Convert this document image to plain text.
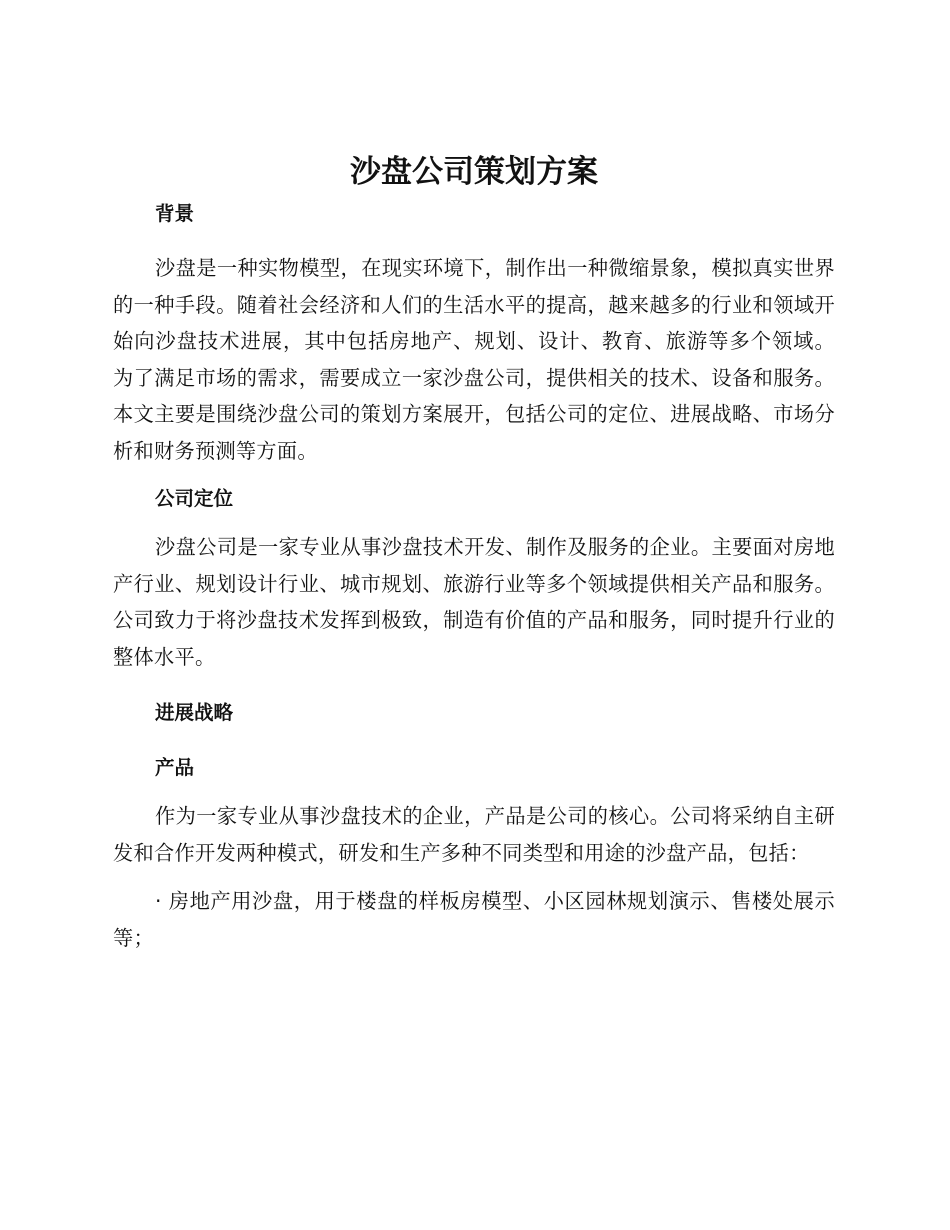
沙盘公司策划方案
背景
沙盘是一种实物模型，在现实环境下，制作出一种微缩景象，模拟真实世界的一种手段。随着社会经济和人们的生活水平的提高，越来越多的行业和领域开始向沙盘技术进展，其中包括房地产、规划、设计、教育、旅游等多个领域。 为了满足市场的需求，需要成立一家沙盘公司，提供相关的技术、设备和服务。本文主要是围绕沙盘公司的策划方案展开，包括公司的定位、进展战略、市场分析和财务预测等方面。
公司定位
沙盘公司是一家专业从事沙盘技术开发、制作及服务的企业。主要面对房地产行业、规划设计行业、城市规划、旅游行业等多个领域提供相关产品和服务。公司致力于将沙盘技术发挥到极致，制造有价值的产品和服务，同时提升行业的整体水平。
进展战略
产品
作为一家专业从事沙盘技术的企业，产品是公司的核心。公司将采纳自主研发和合作开发两种模式，研发和生产多种不同类型和用途的沙盘产品，包括：
· 房地产用沙盘，用于楼盘的样板房模型、小区园林规划演示、售楼处展示等；
